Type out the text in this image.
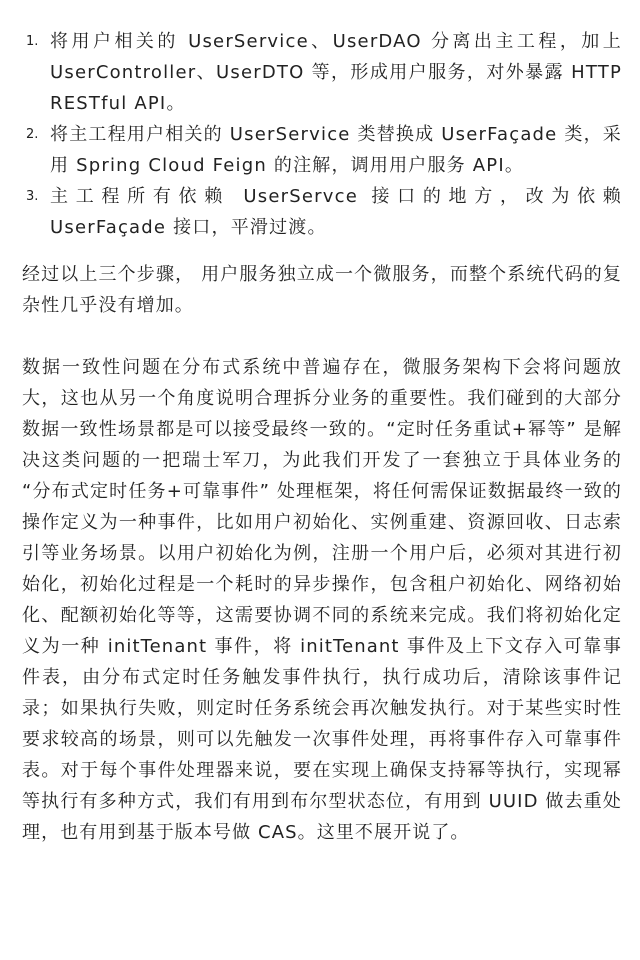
1. 将用户相关的 UserService、UserDAO 分离出主工程，加上 UserController、UserDTO 等，形成用户服务，对外暴露 HTTP RESTful API。
2. 将主工程用户相关的 UserService 类替换成 UserFaçade 类，采用 Spring Cloud Feign 的注解，调用用户服务 API。
3. 主工程所有依赖 UserServce 接口的地方，改为依赖 UserFaçade 接口，平滑过渡。

经过以上三个步骤， 用户服务独立成一个微服务，而整个系统代码的复杂性几乎没有增加。

数据一致性问题在分布式系统中普遍存在，微服务架构下会将问题放大，这也从另一个角度说明合理拆分业务的重要性。我们碰到的大部分数据一致性场景都是可以接受最终一致的。“定时任务重试+幂等” 是解决这类问题的一把瑞士军刀，为此我们开发了一套独立于具体业务的 “分布式定时任务+可靠事件” 处理框架，将任何需保证数据最终一致的操作定义为一种事件，比如用户初始化、实例重建、资源回收、日志索引等业务场景。以用户初始化为例，注册一个用户后，必须对其进行初始化，初始化过程是一个耗时的异步操作，包含租户初始化、网络初始化、配额初始化等等，这需要协调不同的系统来完成。我们将初始化定义为一种 initTenant 事件，将 initTenant 事件及上下文存入可靠事件表，由分布式定时任务触发事件执行，执行成功后，清除该事件记录；如果执行失败，则定时任务系统会再次触发执行。对于某些实时性要求较高的场景，则可以先触发一次事件处理，再将事件存入可靠事件表。对于每个事件处理器来说，要在实现上确保支持幂等执行，实现幂等执行有多种方式，我们有用到布尔型状态位，有用到 UUID 做去重处理，也有用到基于版本号做 CAS。这里不展开说了。
